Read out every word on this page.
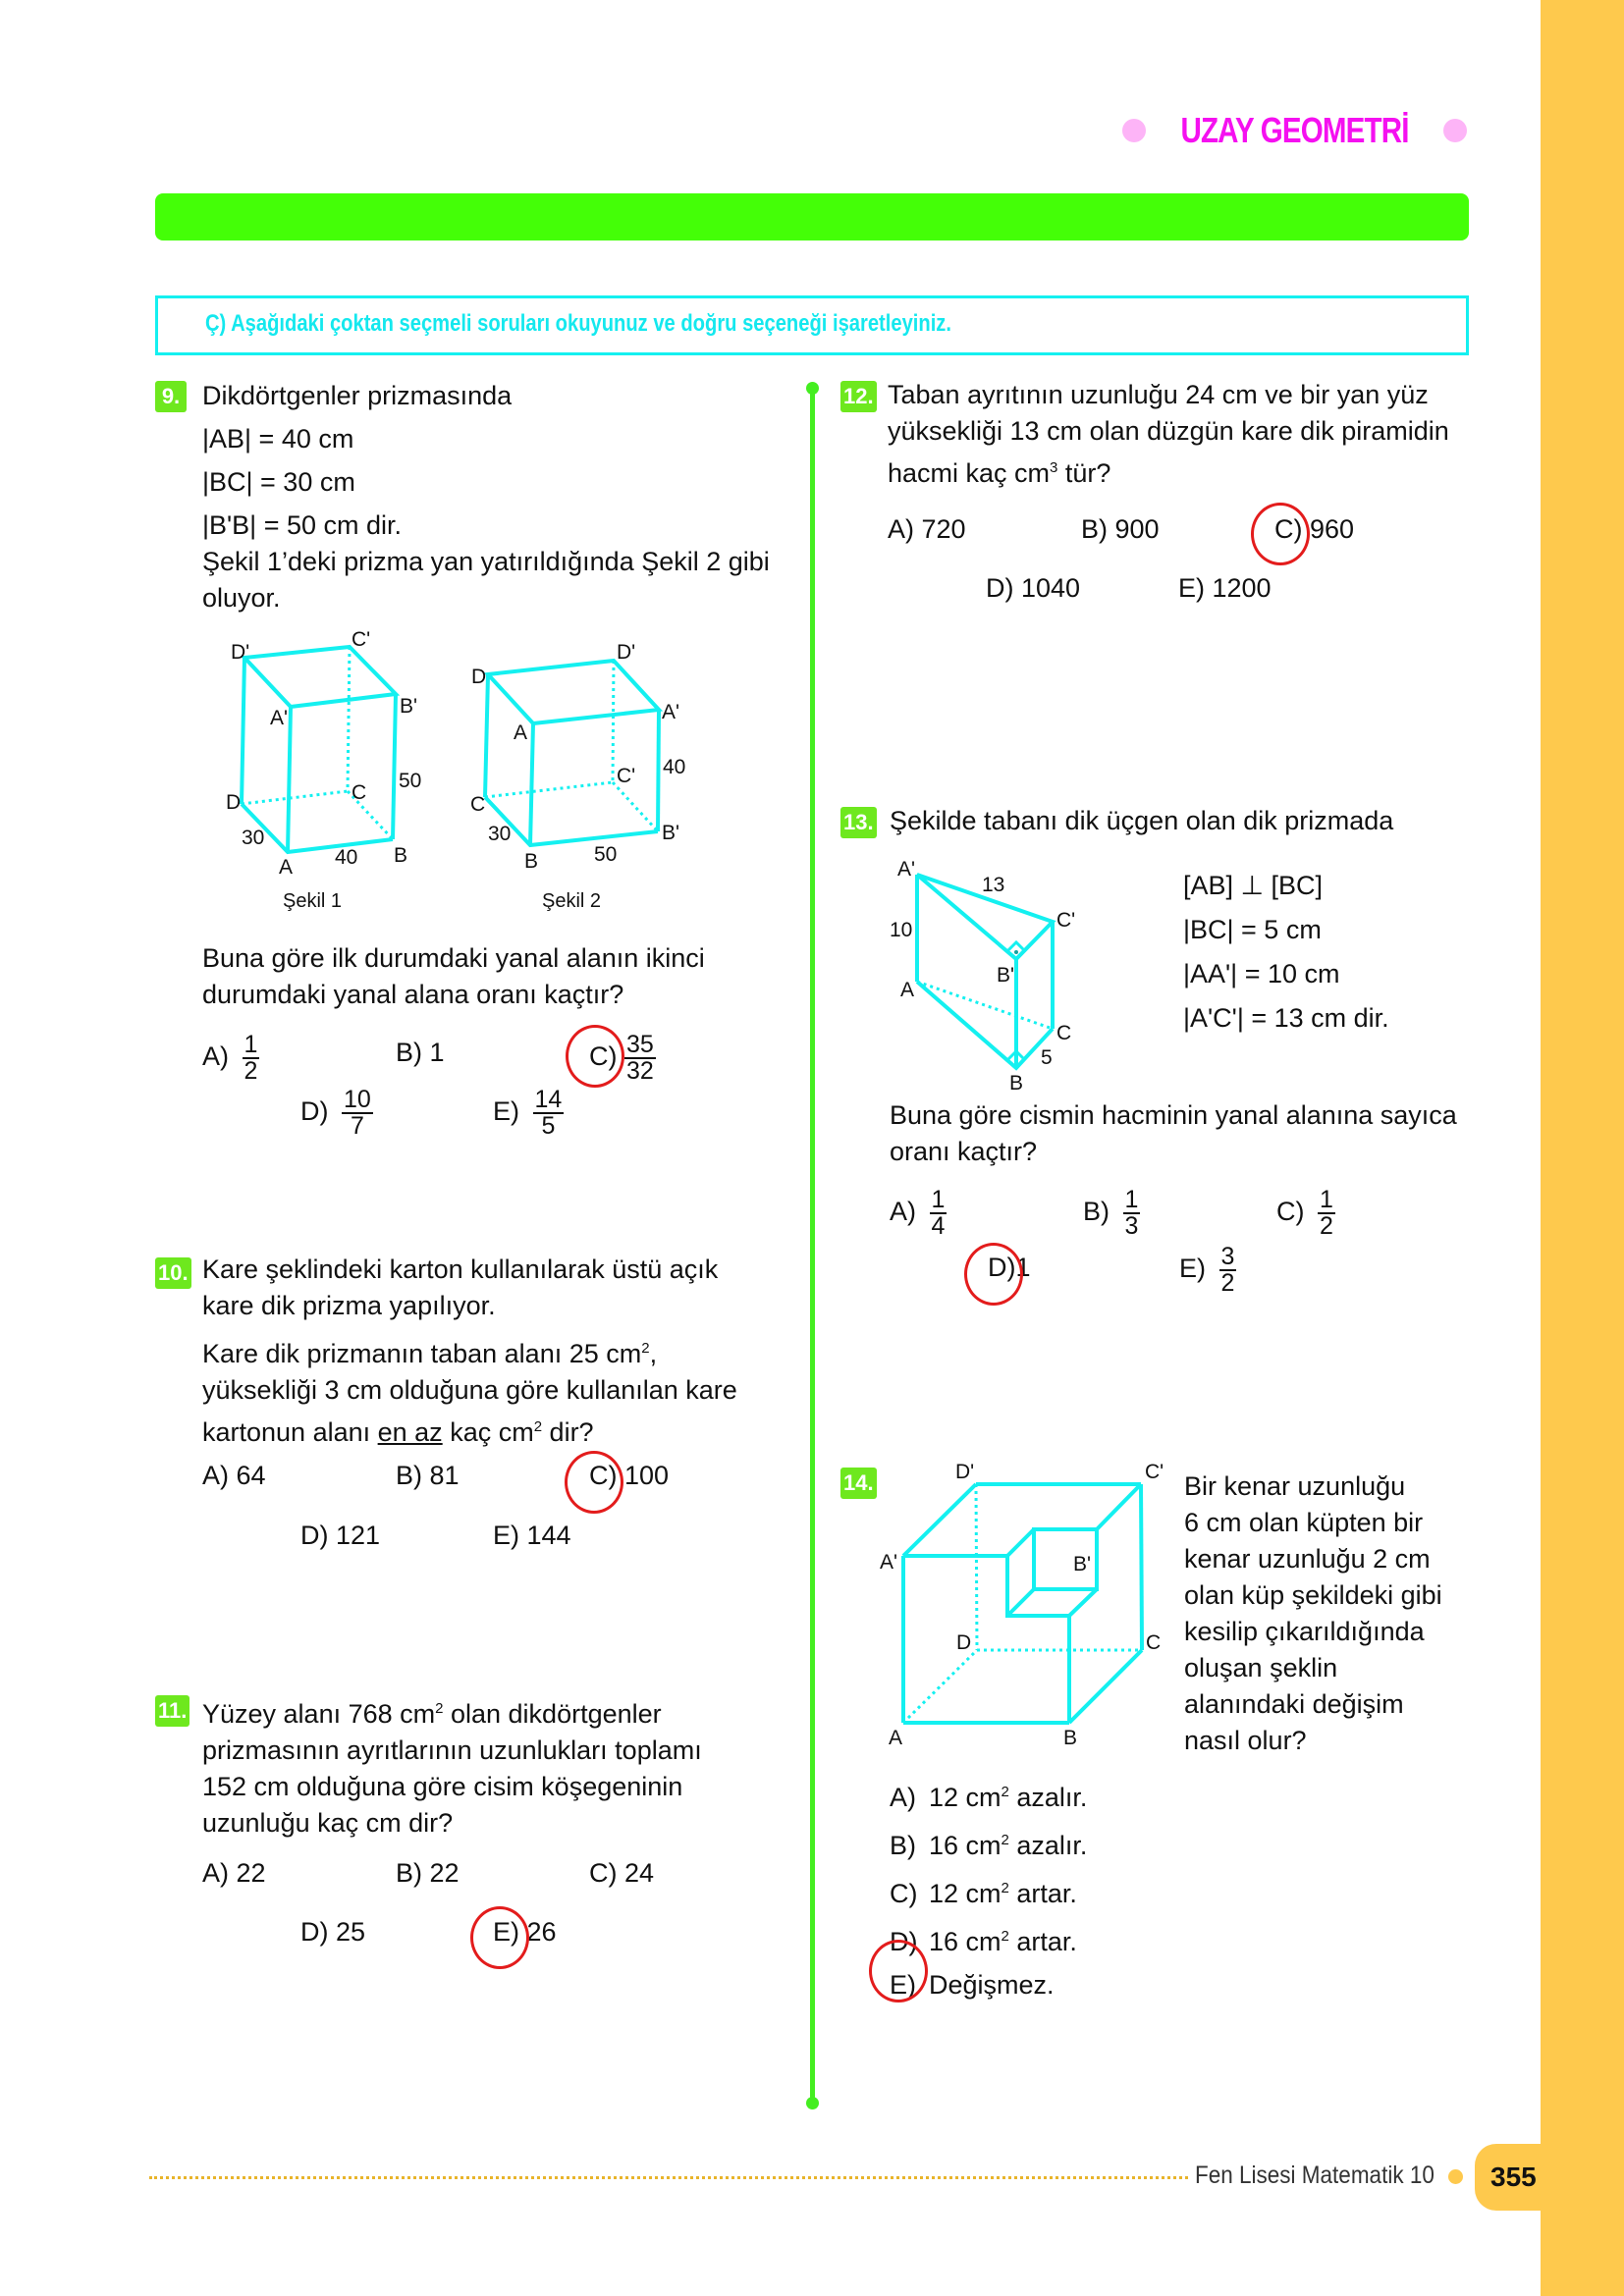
UZAY GEOMETRİ
Ç) Aşağıdaki çoktan seçmeli soruları okuyunuz ve doğru seçeneği işaretleyiniz.
9. Dikdörtgenler prizmasında
|AB| = 40 cm
|BC| = 30 cm
|B'B| = 50 cm dir.
Şekil 1’deki prizma yan yatırıldığında Şekil 2 gibi
oluyor.
D'
C'
B'
A'
C
D
A
B
30
40
50
Şekil 1
D
D'
A'
A
C'
C
B
B'
30
50
40
Şekil 2
Buna göre ilk durumdaki yanal alanın ikinci
durumdaki yanal alana oranı kaçtır?
$A) \frac{1}{2}$	B) 1	$C) \frac{35}{32}$
$D) \frac{10}{7}$	$E) \frac{14}{5}$
10. Kare şeklindeki karton kullanılarak üstü açık
kare dik prizma yapılıyor.
Kare dik prizmanın taban alanı 25 $cm^2$,
yüksekliği 3 cm olduğuna göre kullanılan kare
kartonun alanı en az kaç $cm^2$ dir?
A) 64	B) 81	C) 100
D) 121	E) 144
11. Yüzey alanı 768 $cm^2$ olan dikdörtgenler
prizmasının ayrıtlarının uzunlukları toplamı
152 cm olduğuna göre cisim köşegeninin
uzunluğu kaç cm dir?
A) 22	B) 22	C) 24
D) 25	E) 26
12. Taban ayrıtının uzunluğu 24 cm ve bir yan yüz
yüksekliği 13 cm olan düzgün kare dik piramidin
hacmi kaç $cm^3$ tür?
A) 720	B) 900	C) 960
D) 1040	E) 1200
13. Şekilde tabanı dik üçgen olan dik prizmada
A'
13
C'
10
B'
A
C
5
B
[AB] ⊥ [BC]
|BC| = 5 cm
|AA'| = 10 cm
|A'C'| = 13 cm dir.
Buna göre cismin hacminin yanal alanına sayıca
oranı kaçtır?
$A) \frac{1}{4}$	$B) \frac{1}{3}$	$C) \frac{1}{2}$
D)1	$E) \frac{3}{2}$
14.	D'	C'
A'	B'
D	C
A	B
Bir kenar uzunluğu
6 cm olan küpten bir
kenar uzunluğu 2 cm
olan küp şekildeki gibi
kesilip çıkarıldığında
oluşan şeklin
alanındaki değişim
nasıl olur?
A) 12 $cm^2$ azalır.
B) 16 $cm^2$ azalır.
C) 12 $cm^2$ artar.
D) 16 $cm^2$ artar.
E) Değişmez.
Fen Lisesi Matematik 10 355
